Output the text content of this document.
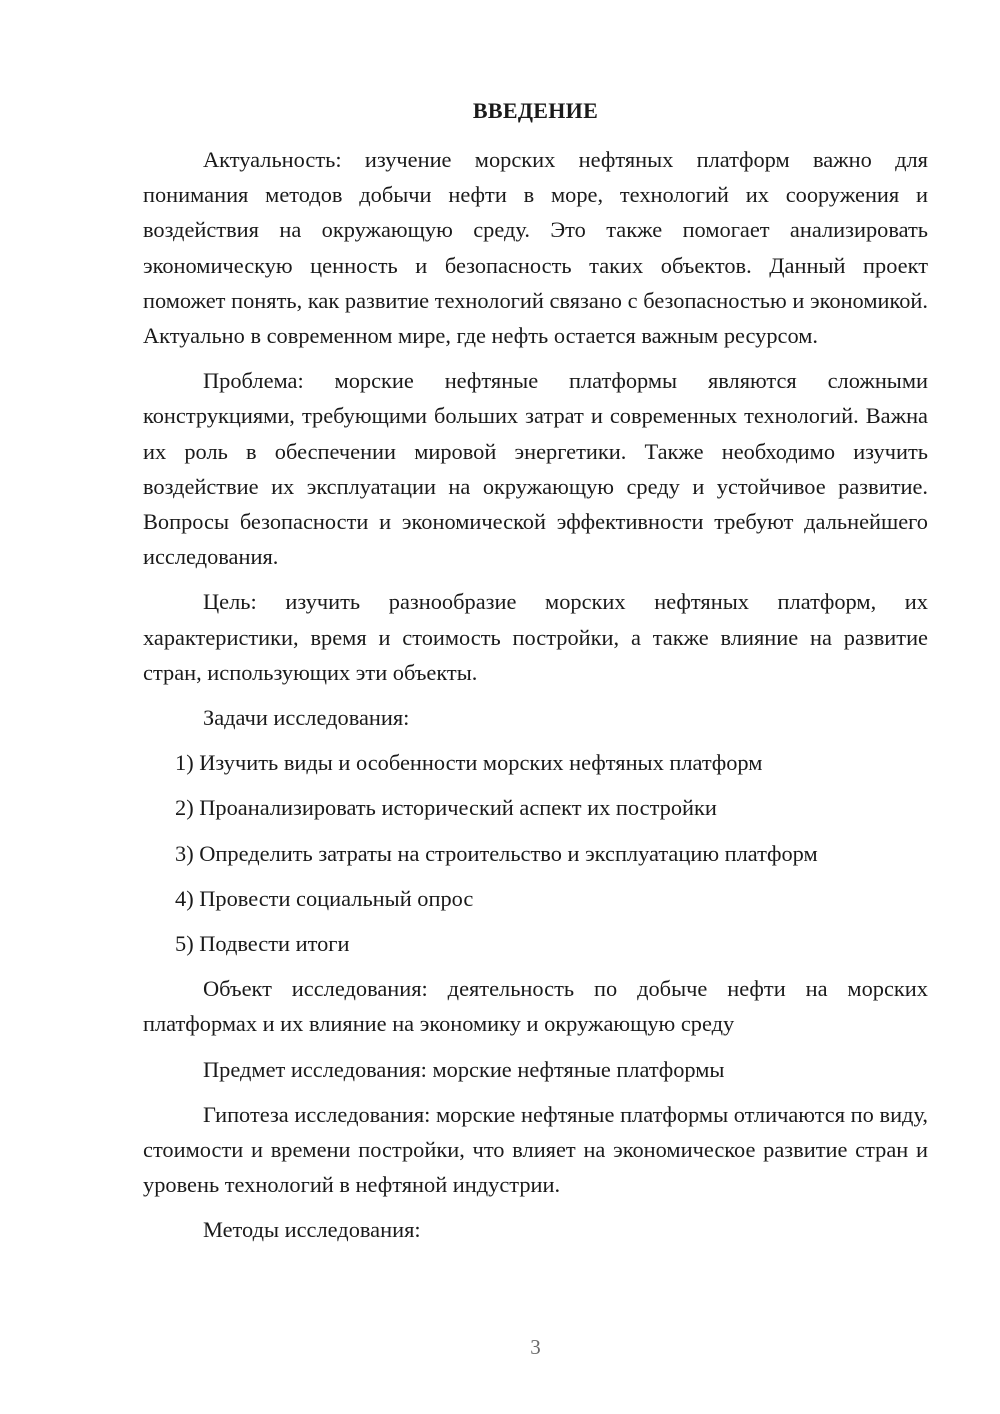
ВВЕДЕНИЕ

Актуальность: изучение морских нефтяных платформ важно для понимания методов добычи нефти в море, технологий их сооружения и воздействия на окружающую среду. Это также помогает анализировать экономическую ценность и безопасность таких объектов. Данный проект поможет понять, как развитие технологий связано с безопасностью и экономикой. Актуально в современном мире, где нефть остается важным ресурсом.

Проблема: морские нефтяные платформы являются сложными конструкциями, требующими больших затрат и современных технологий. Важна их роль в обеспечении мировой энергетики. Также необходимо изучить воздействие их эксплуатации на окружающую среду и устойчивое развитие. Вопросы безопасности и экономической эффективности требуют дальнейшего исследования.

Цель: изучить разнообразие морских нефтяных платформ, их характеристики, время и стоимость постройки, а также влияние на развитие стран, использующих эти объекты.

Задачи исследования:

1) Изучить виды и особенности морских нефтяных платформ
2) Проанализировать исторический аспект их постройки
3) Определить затраты на строительство и эксплуатацию платформ
4) Провести социальный опрос
5) Подвести итоги

Объект исследования: деятельность по добыче нефти на морских платформах и их влияние на экономику и окружающую среду

Предмет исследования: морские нефтяные платформы

Гипотеза исследования: морские нефтяные платформы отличаются по виду, стоимости и времени постройки, что влияет на экономическое развитие стран и уровень технологий в нефтяной индустрии.

Методы исследования:

3
